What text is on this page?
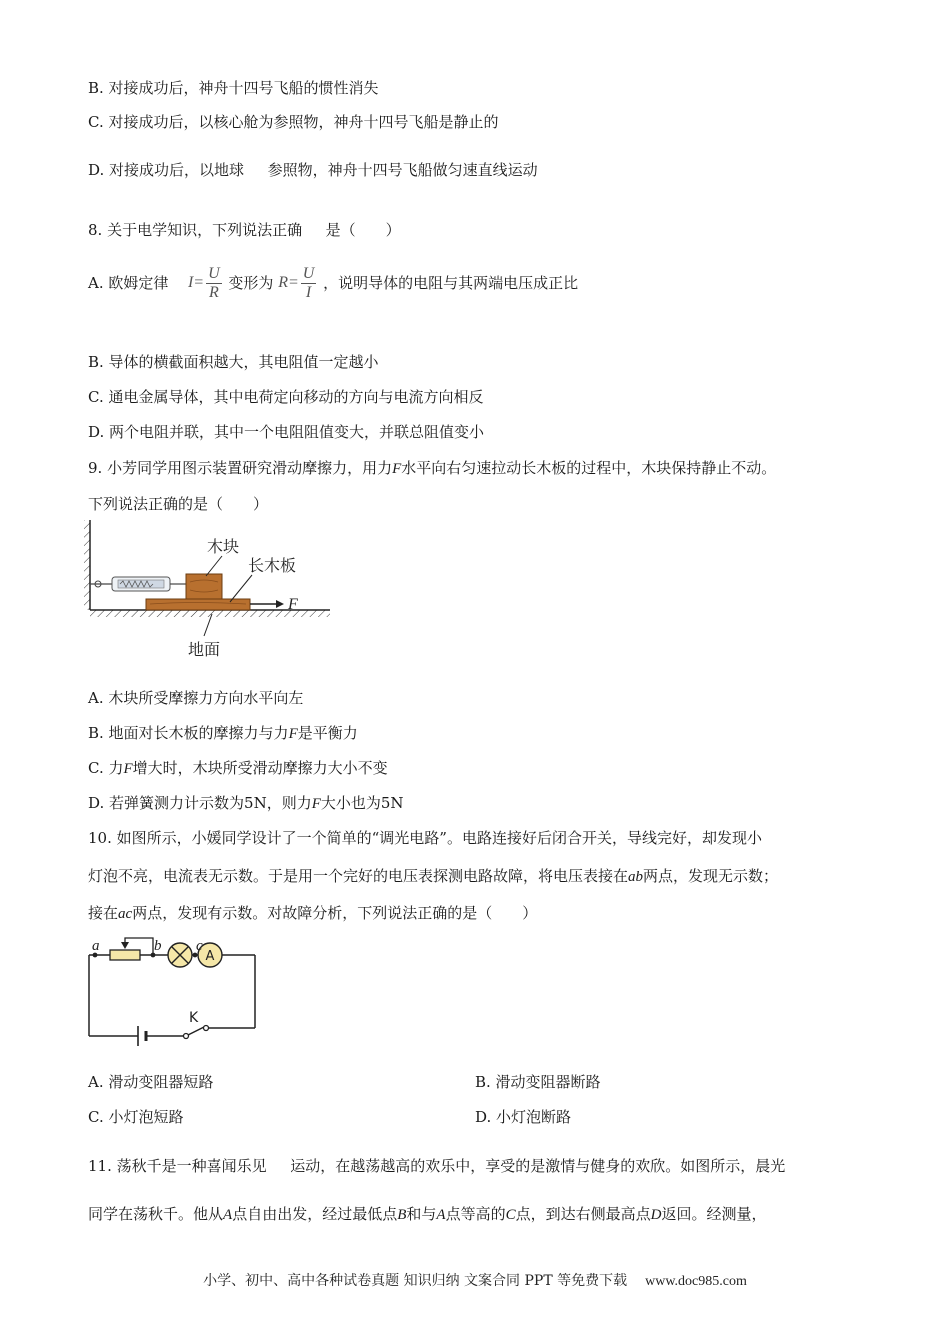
B. 对接成功后，神舟十四号飞船的惯性消失
C. 对接成功后，以核心舱为参照物，神舟十四号飞船是静止的
D. 对接成功后，以地球 参照物，神舟十四号飞船做匀速直线运动
8. 关于电学知识，下列说法正确 是（　　）
A. 欧姆定律 $I= \frac{U}{R}$ 变形为 $R= \frac{U}{I}$ ，说明导体的电阻与其两端电压成正比
B. 导体的横截面积越大，其电阻值一定越小
C. 通电金属导体，其中电荷定向移动的方向与电流方向相反
D. 两个电阻并联，其中一个电阻阻值变大，并联总阻值变小
9. 小芳同学用图示装置研究滑动摩擦力，用力F水平向右匀速拉动长木板的过程中，木块保持静止不动。
下列说法正确的是（　　）
F
木块
长木板
地面
A. 木块所受摩擦力方向水平向左
B. 地面对长木板的摩擦力与力F是平衡力
C. 力F增大时，木块所受滑动摩擦力大小不变
D. 若弹簧测力计示数为5N，则力F大小也为5N
10. 如图所示，小媛同学设计了一个简单的“调光电路”。电路连接好后闭合开关，导线完好，却发现小
灯泡不亮，电流表无示数。于是用一个完好的电压表探测电路故障，将电压表接在ab两点，发现无示数；
接在ac两点，发现有示数。对故障分析，下列说法正确的是（　　）
A
a	b c
K
A. 滑动变阻器短路	B. 滑动变阻器断路
C. 小灯泡短路	D. 小灯泡断路
11. 荡秋千是一种喜闻乐见 运动，在越荡越高的欢乐中，享受的是激情与健身的欢欣。如图所示，晨光
同学在荡秋千。他从A点自由出发，经过最低点B和与A点等高的C点，到达右侧最高点D返回。经测量，
小学、初中、高中各种试卷真题 知识归纳 文案合同 PPT 等免费下载 www.doc985.com
